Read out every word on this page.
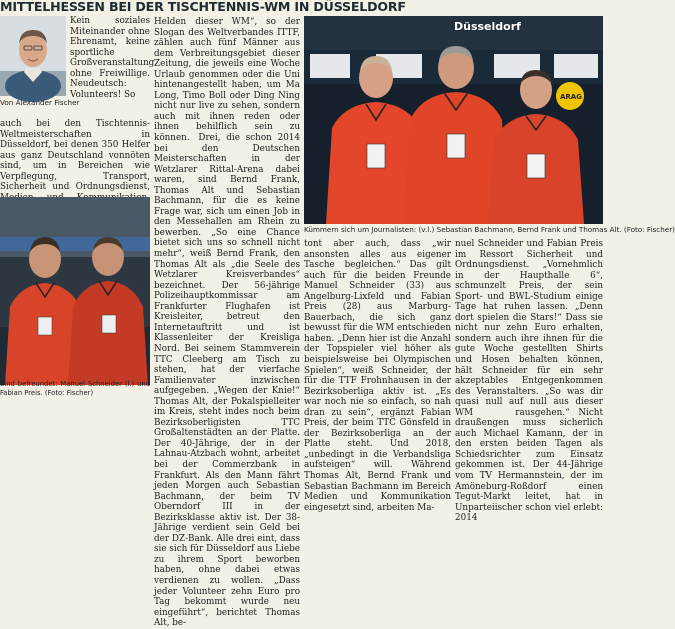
MITTELHESSEN BEI DER TISCHTENNIS-WM IN DÜSSELDORF
Von Alexander Fischer
Kein soziales Miteinander ohne Ehrenamt, keine sportliche Großveranstaltung ohne Freiwillige. Neudeutsch: Volunteers! So
auch bei den Tischtennis-Weltmeisterschaften in Düsseldorf, bei denen 350 Helfer aus ganz Deutschland vonnöten sind, um in Bereichen wie Verpflegung, Transport, Sicherheit und Ordnungsdienst,
Sind befreundet: Manuel Schneider (l.) und Fabian Preis. (Foto: Fischer)
Helden dieser WM“, so der Slogan des Weltverbandes ITTF, zählen auch fünf Männer aus dem Verbreitungsgebiet dieser Zeitung, die jeweils eine Woche Urlaub genommen oder die Uni hintenangestellt haben, um Ma Long, Timo Boll oder Ding Ning nicht nur live zu sehen, sondern auch mit ihnen reden oder ihnen behilflich sein zu können. Drei, die schon 2014 bei den Deutschen Meisterschaften in der Wetzlarer Rittal-Arena dabei waren, sind Bernd Frank, Thomas Alt und Sebastian Bachmann, für die es keine Frage war, sich um einen Job in den Messehallen am Rhein zu bewerben. „So eine Chance bietet sich uns so schnell nicht mehr“, weiß Bernd Frank, den Thomas Alt als „die Seele des Wetzlarer Kreisverbandes“ bezeichnet. Der 56-jährige Polizeihauptkommissar am Frankfurter Flughafen ist Kreisleiter, betreut den Internetauftritt und ist Klassenleiter der Kreisliga Nord. Bei seinem Stammverein TTC Cleeberg am Tisch zu stehen, hat der vierfache Familienvater inzwischen aufgegeben. „Wegen der Knie!“ Thomas Alt, der Pokalspielleiter im Kreis, steht indes noch beim Bezirksoberligisten TTC Großaltenstädten an der Platte. Der 40-Jährige, der in der Lahnau-Atzbach wohnt, arbeitet bei der Commerzbank in Frankfurt. Als den Mann fährt jeden Morgen auch Sebastian Bachmann, der beim TV Oberndorf III in der Bezirksklasse aktiv ist. Der 38-Jährige verdient sein Geld bei der DZ-Bank. Alle drei eint, dass sie sich für Düsseldorf aus Liebe zu ihrem Sport beworben haben, ohne dabei etwas verdienen zu wollen. „Dass jeder Volunteer zehn Euro pro Tag bekommt wurde neu eingeführt“, berichtet Thomas Alt, be-
Düsseldorf
ARAG
Kümmern sich um Journalisten: (v.l.) Sebastian Bachmann, Bernd Frank und Thomas Alt. (Foto: Fischer)
tont aber auch, dass „wir ansonsten alles aus eigener Tasche begleichen.“ Das gilt auch für die beiden Freunde Manuel Schneider (33) aus Angelburg-Lixfeld und Fabian Preis (28) aus Marburg-Bauerbach, die sich ganz bewusst für die WM entschieden haben. „Denn hier ist die Anzahl der Topspieler viel höher als beispielsweise bei Olympischen Spielen“, weiß Schneider, der für die TTF Frohnhausen in der Bezirksoberliga aktiv ist. „Es war noch nie so einfach, so nah dran zu sein“, ergänzt Fabian Preis, der beim TTC Gönsfeld in der Bezirksoberliga an der Platte steht. Und 2018, „unbedingt in die Verbandsliga aufsteigen“ will. Während Thomas Alt, Bernd Frank und Sebastian Bachmann im Bereich Medien und Kommunikation eingesetzt sind, arbeiten Ma-
nuel Schneider und Fabian Preis im Ressort Sicherheit und Ordnungsdienst. „Vornehmlich in der Haupthalle 6“, schmunzelt Preis, der sein Sport- und BWL-Studium einige Tage hat ruhen lassen. „Denn dort spielen die Stars!“ Dass sie nicht nur zehn Euro erhalten, sondern auch ihre ihnen für die gute Woche gestellten Shirts und Hosen behalten können, hält Schneider für ein sehr akzeptables Entgegenkommen des Veranstalters. „So was dir quasi null auf null aus dieser WM rausgehen.“ Nicht draußengen muss sicherlich auch Michael Kamann, der in den ersten beiden Tagen als Schiedsrichter zum Einsatz gekommen ist. Der 44-Jährige vom TV Hermannstein, der im Amöneburg-Roßdorf einen Tegut-Markt leitet, hat in Unparteiischer schon viel erlebt: 2014
